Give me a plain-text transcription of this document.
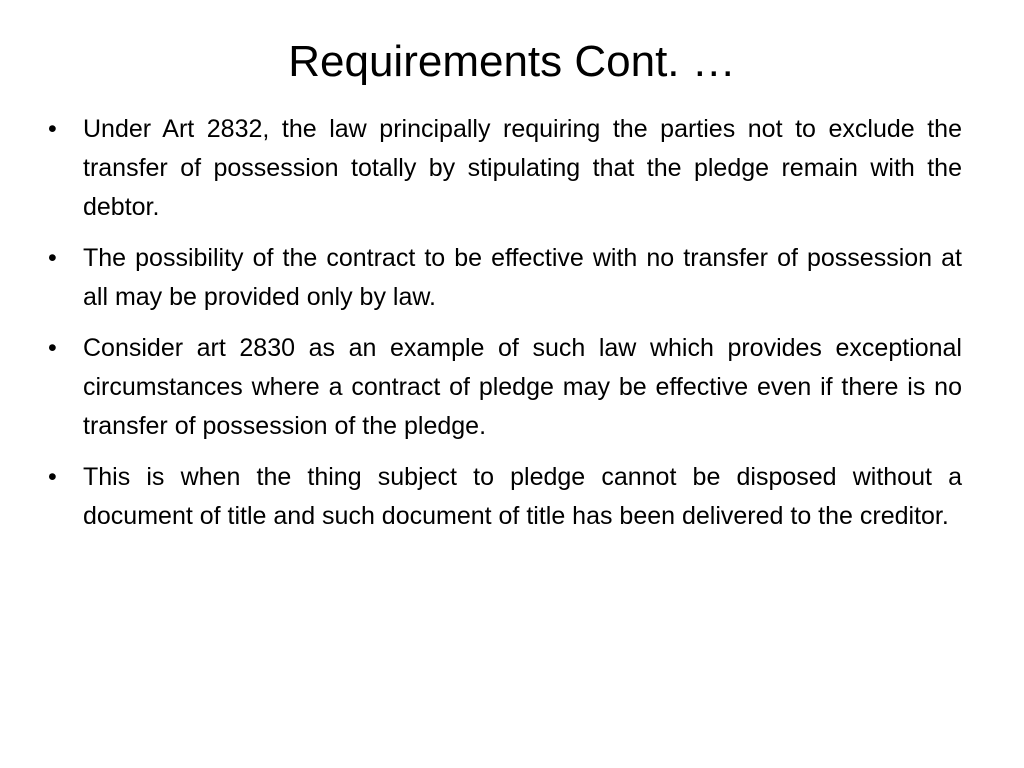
Requirements Cont. …
•	Under Art 2832, the law principally requiring the parties not to exclude the transfer of possession totally by stipulating that the pledge remain with the debtor.
•	The possibility of the contract to be effective with no transfer of possession at all may be provided only by law.
•	Consider art 2830 as an example of such law which provides exceptional circumstances where a contract of pledge may be effective even if there is no transfer of possession of the pledge.
•	This is when the thing subject to pledge cannot be disposed without a document of title and such document of title has been delivered to the creditor.
